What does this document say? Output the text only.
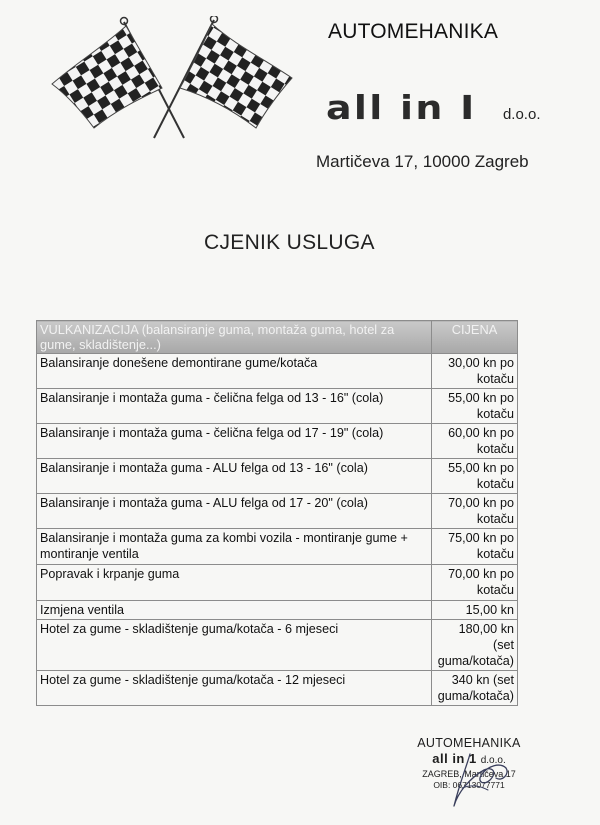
AUTOMEHANIKA
all in I d.o.o.
Martičeva 17, 10000 Zagreb
CJENIK USLUGA
VULKANIZACIJA (balansiranje guma, montaža guma, hotel za gume, skladištenje...)	CIJENA
Balansiranje donešene demontirane gume/kotača	30,00 kn po kotaču
Balansiranje i montaža guma - čelična felga od 13 - 16" (cola)	55,00 kn po kotaču
Balansiranje i montaža guma - čelična felga od 17 - 19" (cola)	60,00 kn po kotaču
Balansiranje i montaža guma - ALU felga od 13 - 16" (cola)	55,00 kn po kotaču
Balansiranje i montaža guma - ALU felga od 17 - 20" (cola)	70,00 kn po kotaču
Balansiranje i montaža guma za kombi vozila - montiranje gume + montiranje ventila	75,00 kn po kotaču
Popravak i krpanje guma	70,00 kn po kotaču
Izmjena ventila	15,00 kn
Hotel za gume - skladištenje guma/kotača - 6 mjeseci	180,00 kn (set guma/kotača)
Hotel za gume - skladištenje guma/kotača - 12 mjeseci	340 kn (set guma/kotača)
AUTOMEHANIKA
all in 1 d.o.o.
ZAGREB, Martičeva 17
OIB: 06713077771
